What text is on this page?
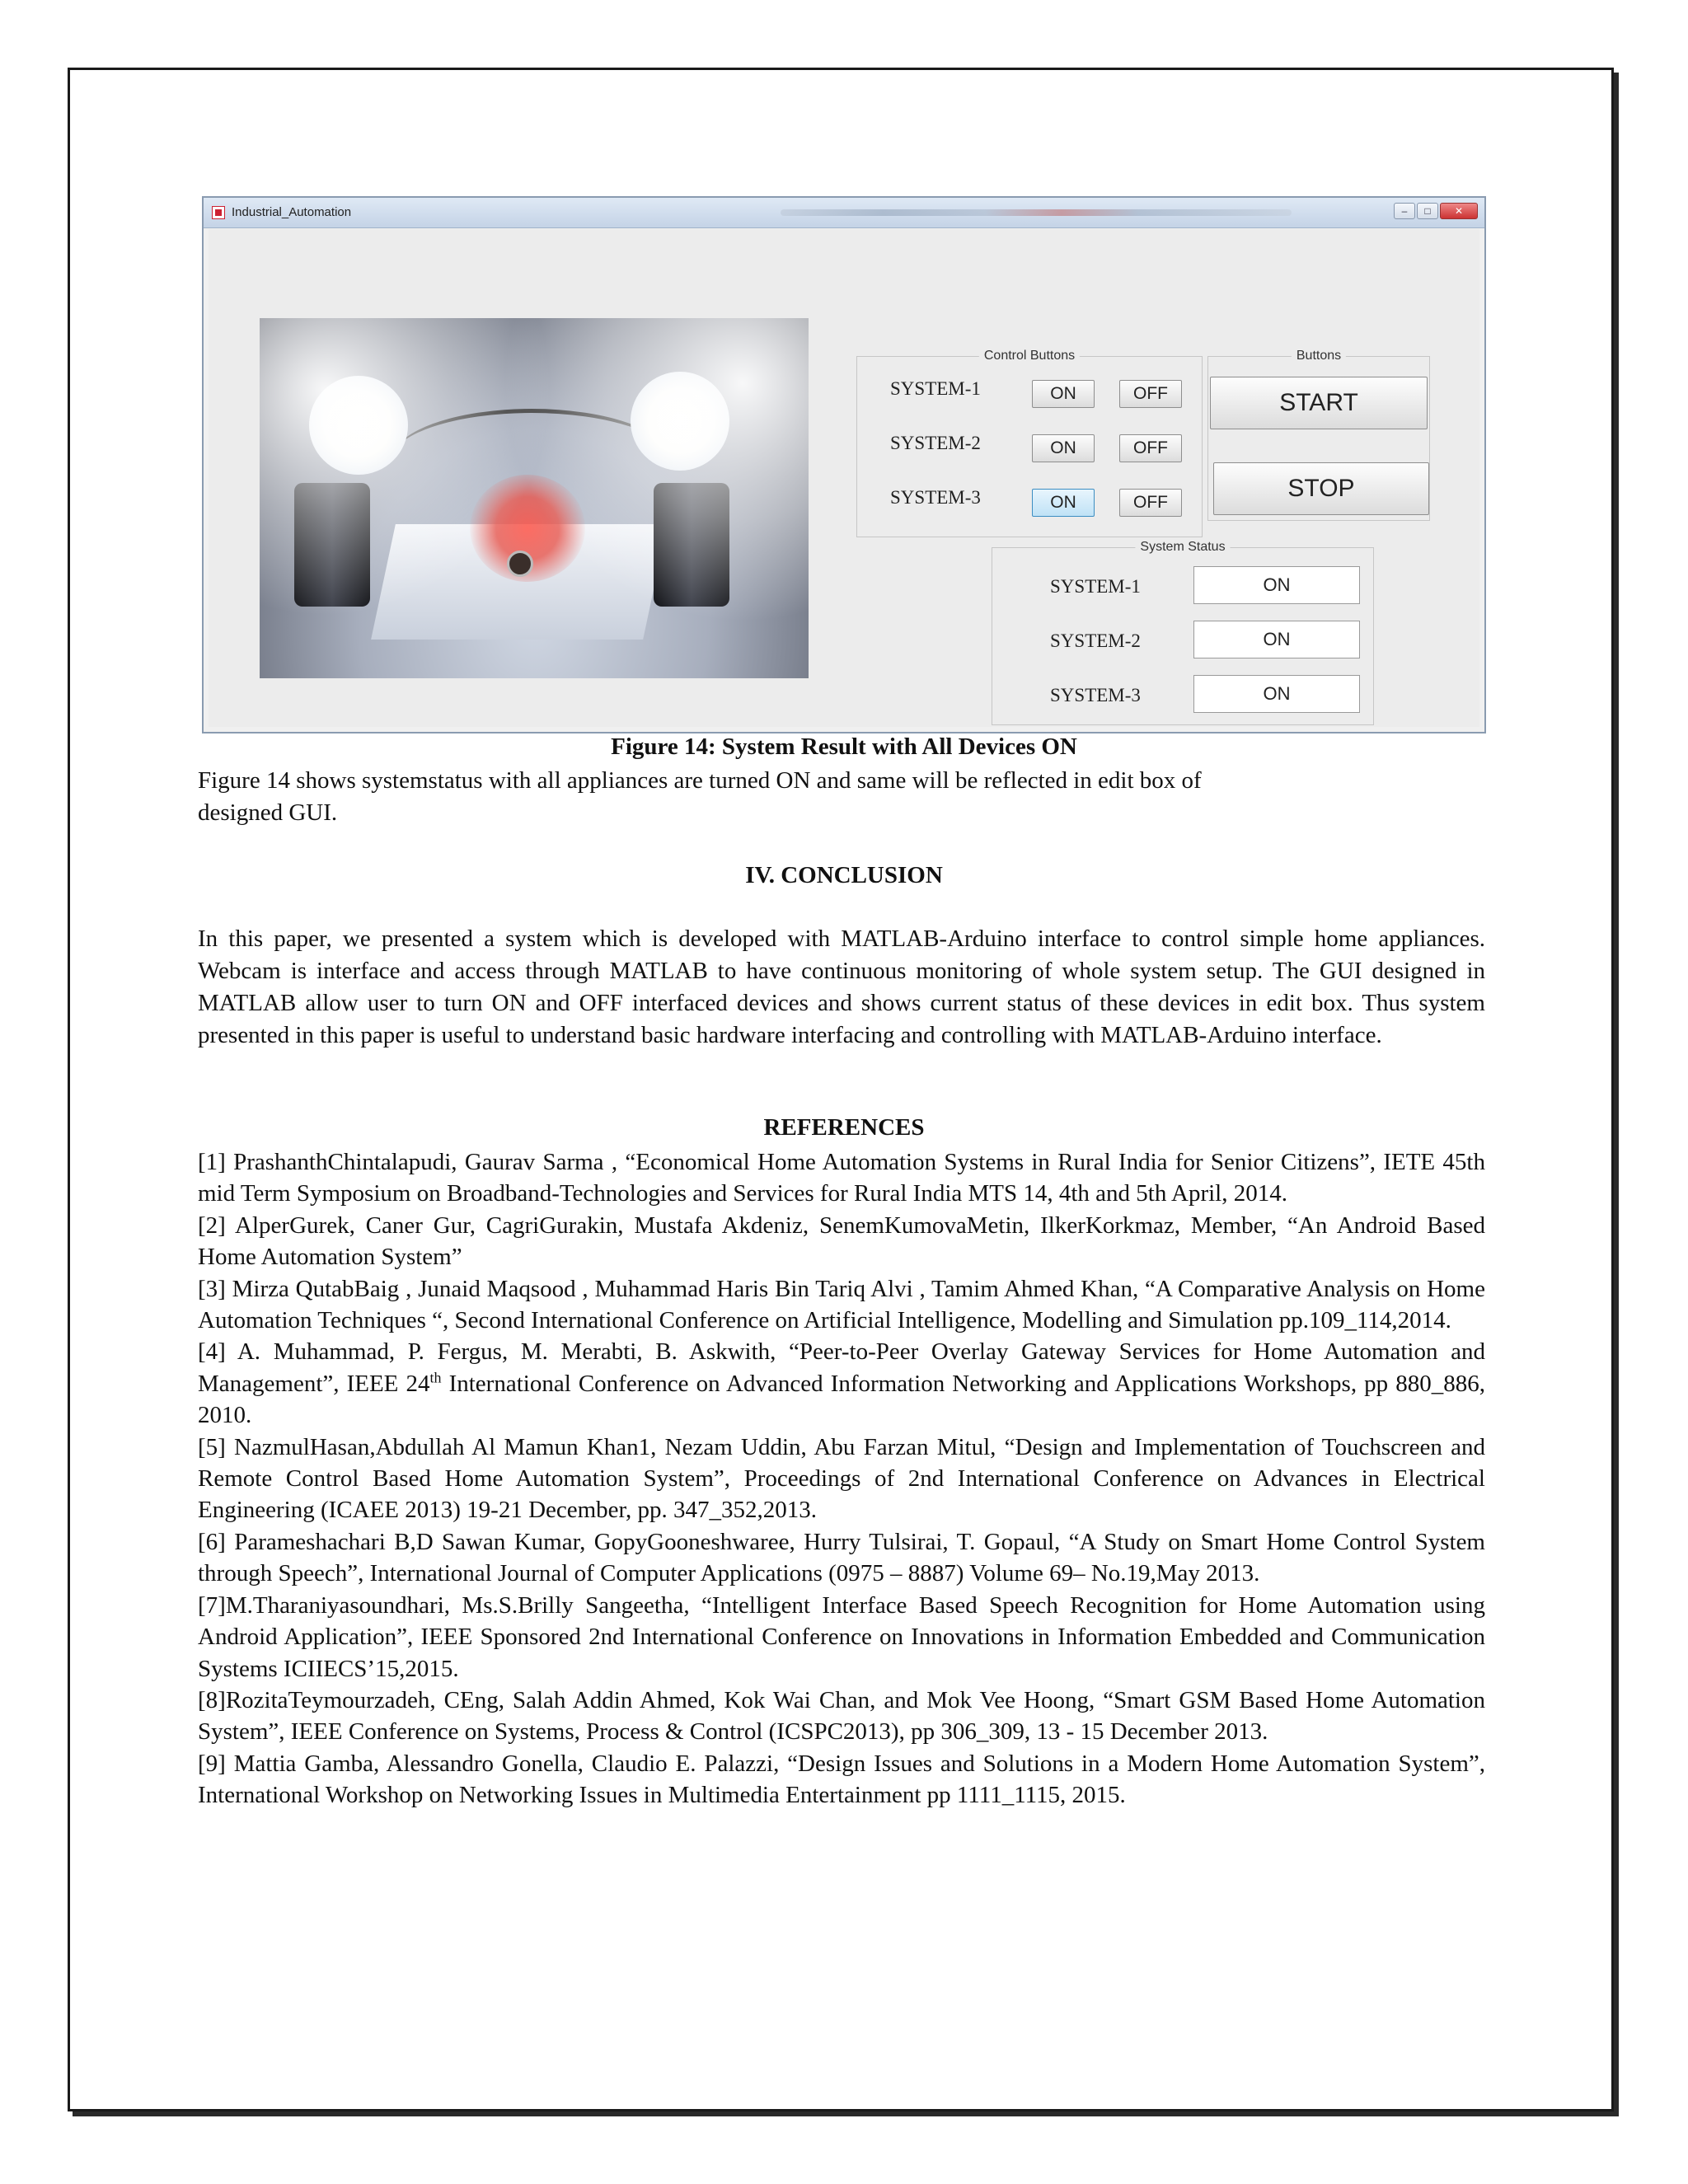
Industrial_Automation	–	□	✕
Control Buttons
SYSTEM-1	ON	OFF
SYSTEM-2	ON	OFF
SYSTEM-3	ON	OFF
Buttons
START
STOP
System Status
SYSTEM-1	ON
SYSTEM-2	ON
SYSTEM-3	ON
Figure 14: System Result with All Devices ON
Figure 14 shows systemstatus with all appliances are turned ON and same will be reflected in edit box of
designed GUI.
IV. CONCLUSION

In this paper, we presented a system which is developed with MATLAB-Arduino interface to control simple home appliances. Webcam is interface and access through MATLAB to have continuous monitoring of whole system setup. The GUI designed in MATLAB allow user to turn ON and OFF interfaced devices and shows current status of these devices in edit box. Thus system presented in this paper is useful to understand basic hardware interfacing and controlling with MATLAB-Arduino interface.

REFERENCES
[1] PrashanthChintalapudi, Gaurav Sarma , “Economical Home Automation Systems in Rural India for Senior Citizens”, IETE 45th mid Term Symposium on Broadband-Technologies and Services for Rural India MTS 14, 4th and 5th April, 2014.
[2] AlperGurek, Caner Gur, CagriGurakin, Mustafa Akdeniz, SenemKumovaMetin, IlkerKorkmaz, Member, “An Android Based Home Automation System”
[3] Mirza QutabBaig , Junaid Maqsood , Muhammad Haris Bin Tariq Alvi , Tamim Ahmed Khan, “A Comparative Analysis on Home Automation Techniques “, Second International Conference on Artificial Intelligence, Modelling and Simulation pp.109_114,2014.
[4] A. Muhammad, P. Fergus, M. Merabti, B. Askwith, “Peer-to-Peer Overlay Gateway Services for Home Automation and Management”, IEEE 24th International Conference on Advanced Information Networking and Applications Workshops, pp 880_886, 2010.
[5] NazmulHasan,Abdullah Al Mamun Khan1, Nezam Uddin, Abu Farzan Mitul, “Design and Implementation of Touchscreen and Remote Control Based Home Automation System”, Proceedings of 2nd International Conference on Advances in Electrical Engineering (ICAEE 2013) 19-21 December, pp. 347_352,2013.
[6] Parameshachari B,D Sawan Kumar, GopyGooneshwaree, Hurry Tulsirai, T. Gopaul, “A Study on Smart Home Control System through Speech”, International Journal of Computer Applications (0975 – 8887) Volume 69– No.19,May 2013.
[7]M.Tharaniyasoundhari, Ms.S.Brilly Sangeetha, “Intelligent Interface Based Speech Recognition for Home Automation using Android Application”, IEEE Sponsored 2nd International Conference on Innovations in Information Embedded and Communication Systems ICIIECS’15,2015.
[8]RozitaTeymourzadeh, CEng, Salah Addin Ahmed, Kok Wai Chan, and Mok Vee Hoong, “Smart GSM Based Home Automation System”, IEEE Conference on Systems, Process & Control (ICSPC2013), pp 306_309, 13 - 15 December 2013.
[9] Mattia Gamba, Alessandro Gonella, Claudio E. Palazzi, “Design Issues and Solutions in a Modern Home Automation System”, International Workshop on Networking Issues in Multimedia Entertainment pp 1111_1115, 2015.
